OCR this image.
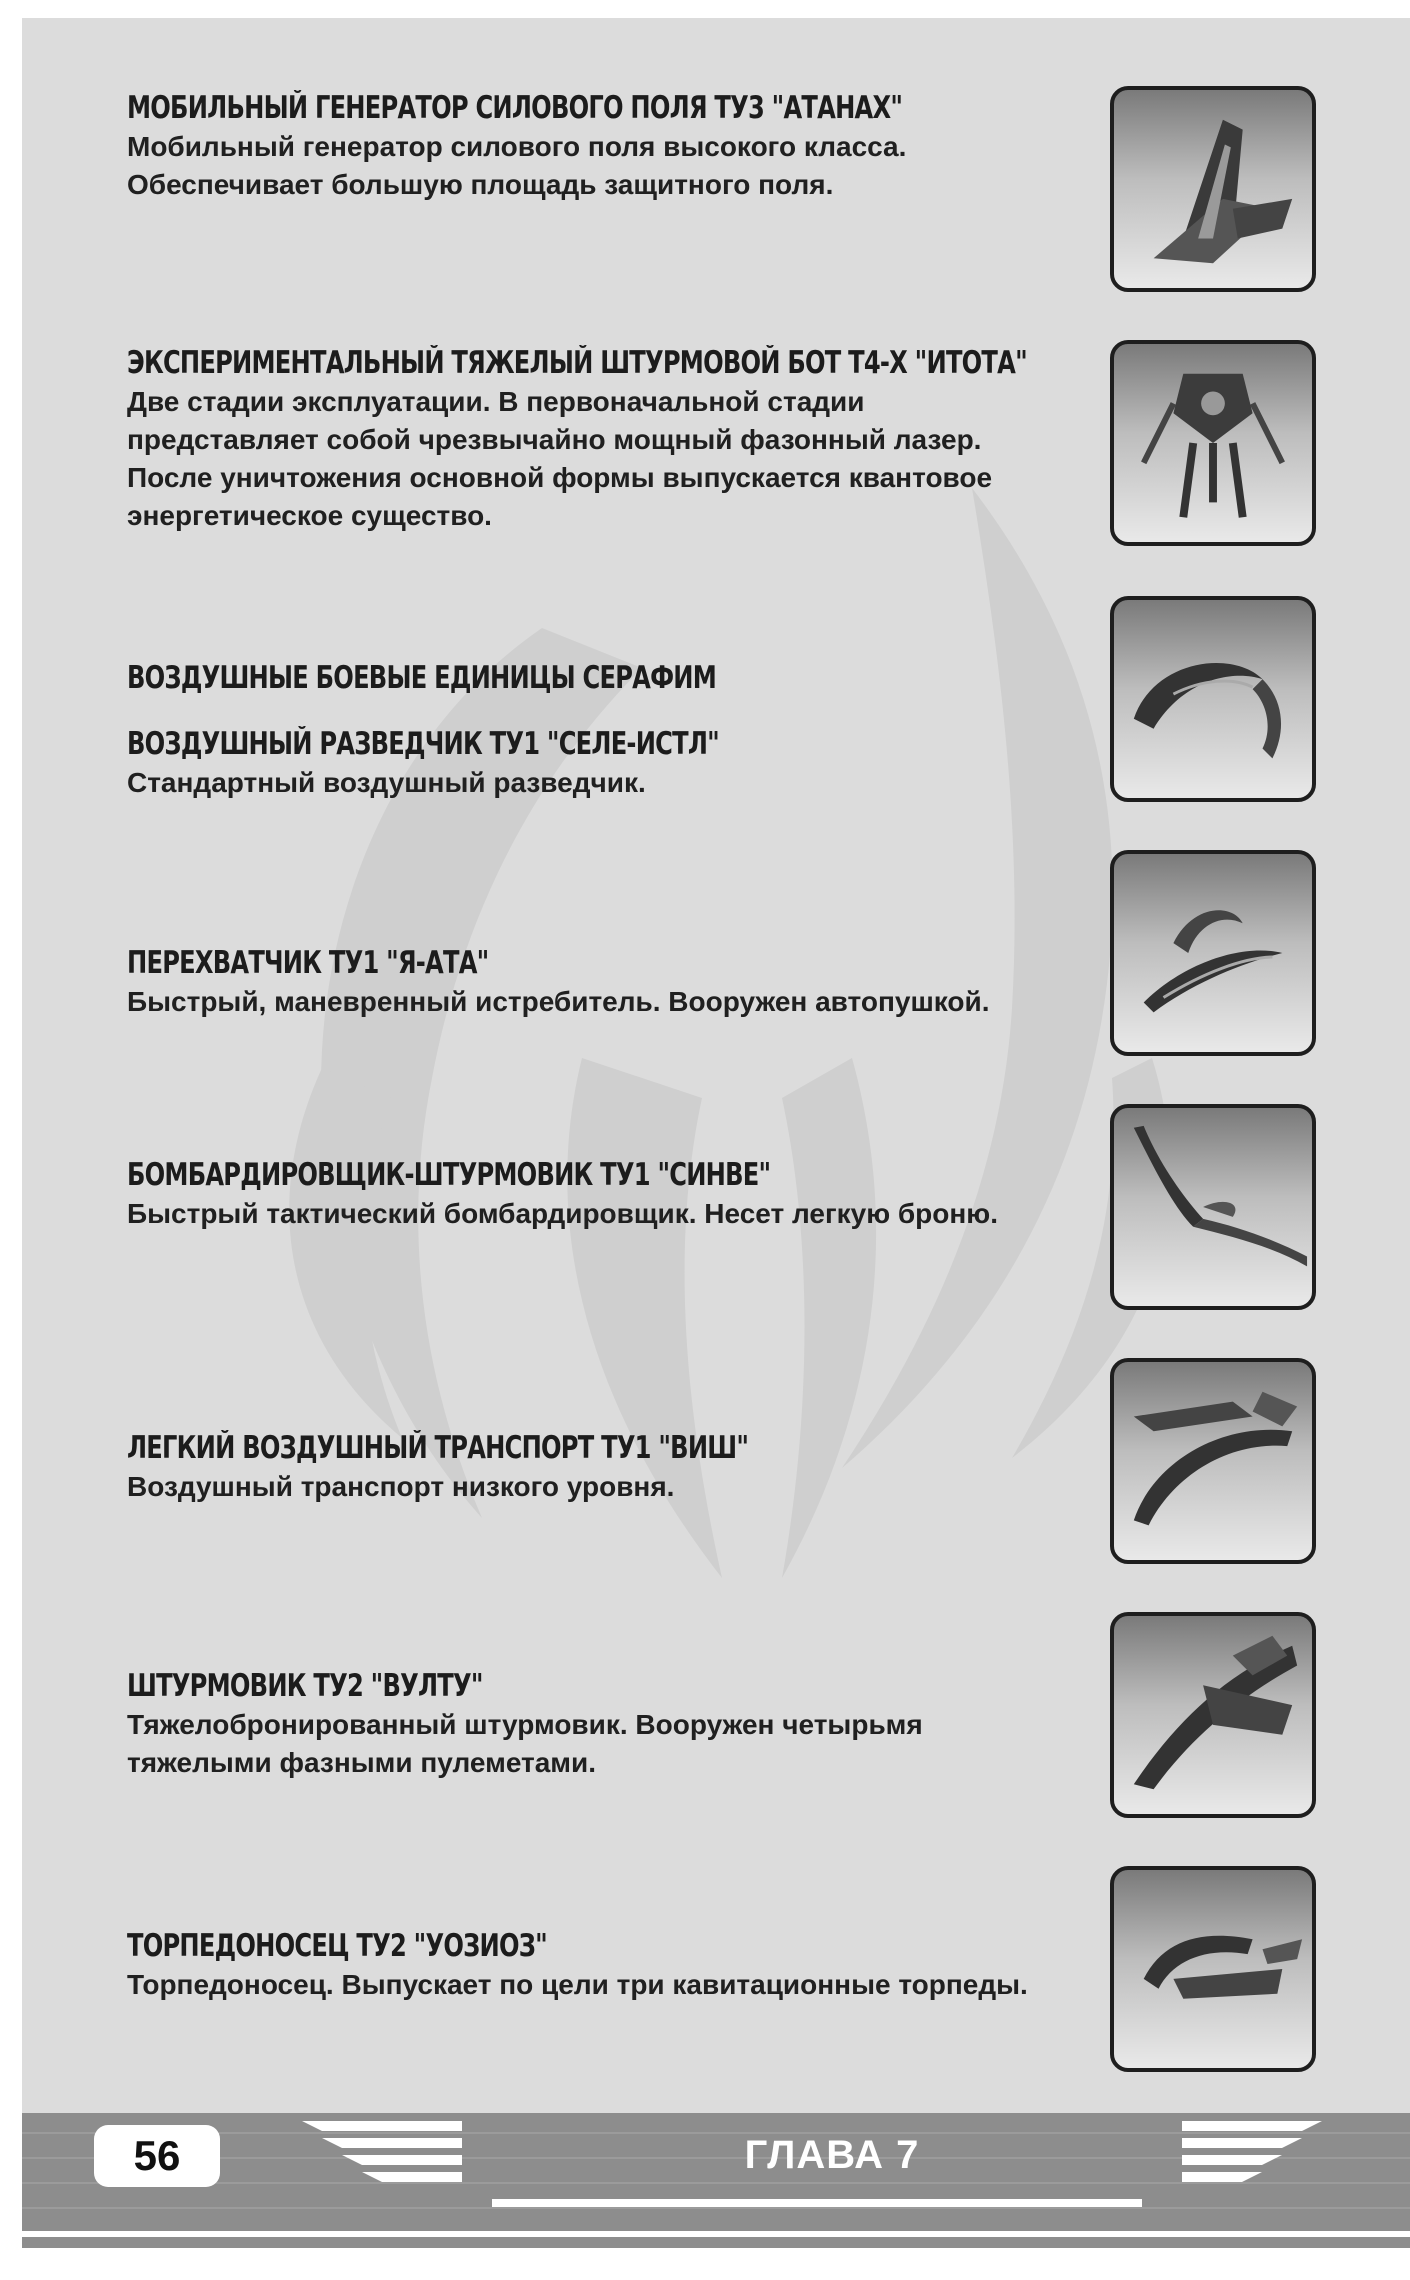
МОБИЛЬНЫЙ ГЕНЕРАТОР СИЛОВОГО ПОЛЯ ТУ3 "АТАНАХ"
Мобильный генератор силового поля высокого класса.
Обеспечивает большую площадь защитного поля.
ЭКСПЕРИМЕНТАЛЬНЫЙ ТЯЖЕЛЫЙ ШТУРМОВОЙ БОТ Т4-Х "ИТОТА"
Две стадии эксплуатации. В первоначальной стадии
представляет собой чрезвычайно мощный фазонный лазер.
После уничтожения основной формы выпускается квантовое
энергетическое существо.
ВОЗДУШНЫЕ БОЕВЫЕ ЕДИНИЦЫ СЕРАФИМ
ВОЗДУШНЫЙ РАЗВЕДЧИК ТУ1 "СЕЛЕ-ИСТЛ"
Стандартный воздушный разведчик.
ПЕРЕХВАТЧИК ТУ1 "Я-АТА"
Быстрый, маневренный истребитель. Вооружен автопушкой.
БОМБАРДИРОВЩИК-ШТУРМОВИК ТУ1 "СИНВЕ"
Быстрый тактический бомбардировщик. Несет легкую броню.
ЛЕГКИЙ ВОЗДУШНЫЙ ТРАНСПОРТ ТУ1 "ВИШ"
Воздушный транспорт низкого уровня.
ШТУРМОВИК ТУ2 "ВУЛТУ"
Тяжелобронированный штурмовик. Вооружен четырьмя
тяжелыми фазными пулеметами.
ТОРПЕДОНОСЕЦ ТУ2 "УОЗИОЗ"
Торпедоносец. Выпускает по цели три кавитационные торпеды.
56	ГЛАВА 7
